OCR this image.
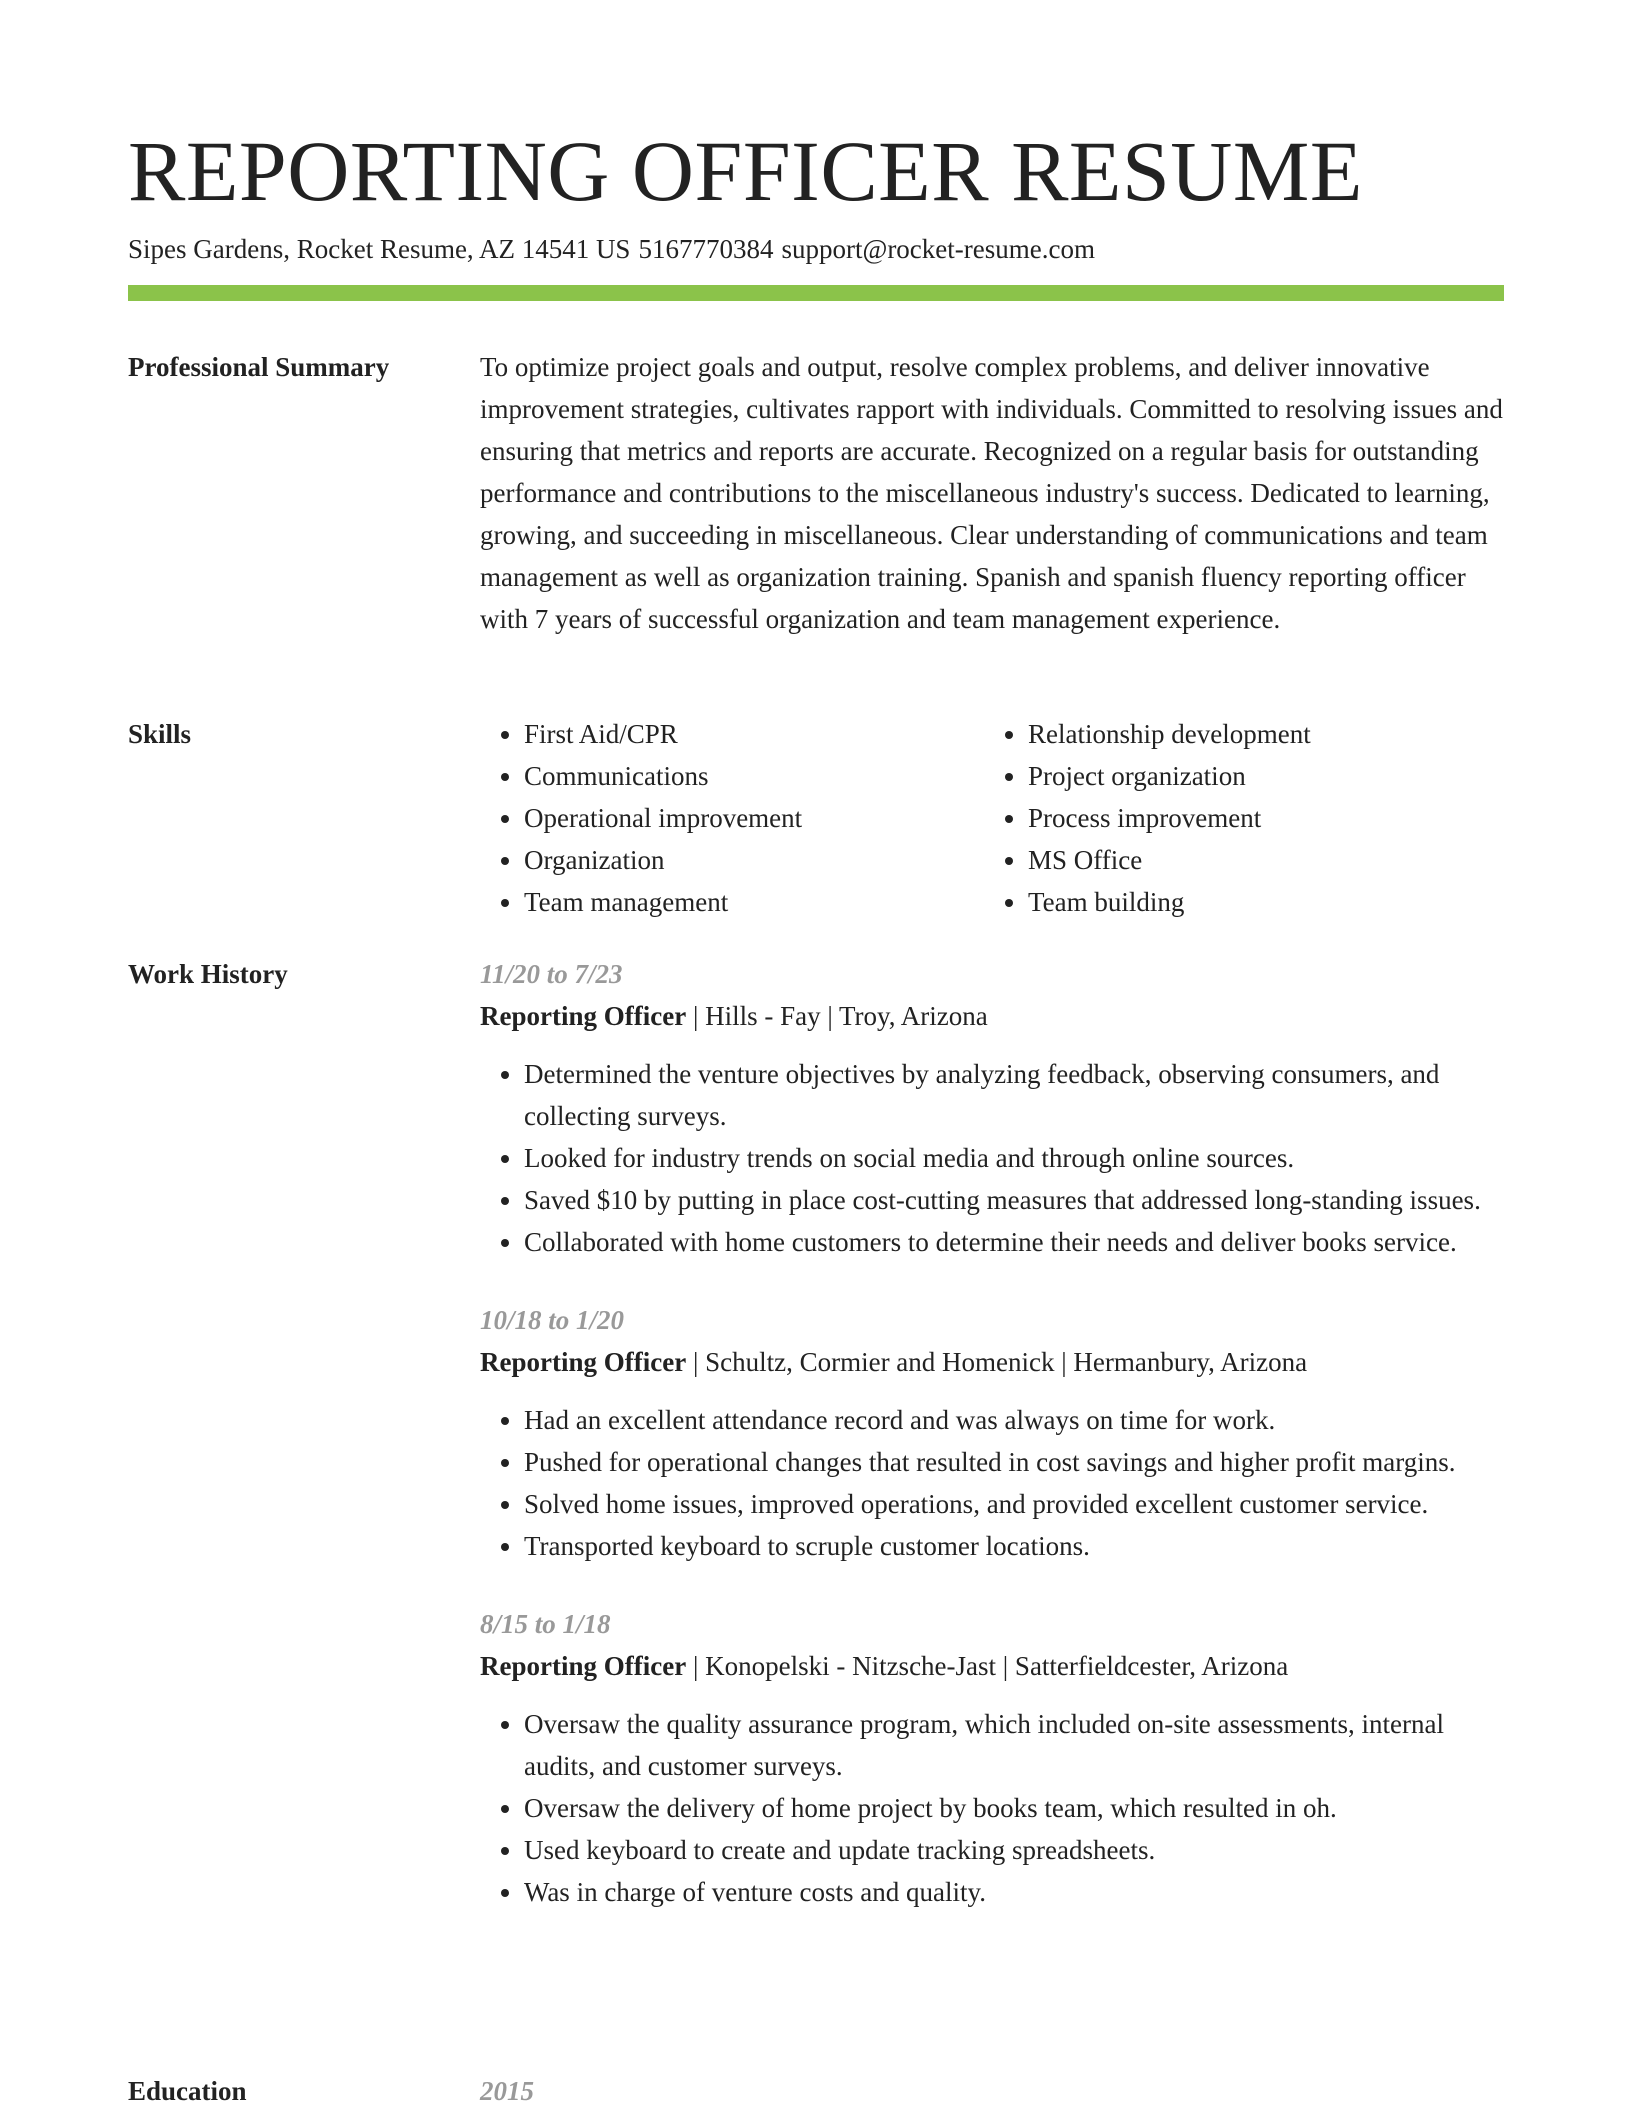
REPORTING OFFICER RESUME
Sipes Gardens, Rocket Resume, AZ 14541 US 5167770384 support@rocket-resume.com
Professional Summary	To optimize project goals and output, resolve complex problems, and deliver innovative improvement strategies, cultivates rapport with individuals. Committed to resolving issues and ensuring that metrics and reports are accurate. Recognized on a regular basis for outstanding performance and contributions to the miscellaneous industry's success. Dedicated to learning, growing, and succeeding in miscellaneous. Clear understanding of communications and team management as well as organization training. Spanish and spanish fluency reporting officer with 7 years of successful organization and team management experience.

Skills
•	First Aid/CPR
• Communications
• Operational improvement
• Organization
• Team management
• Relationship development
• Project organization
• Process improvement
• MS Office
• Team building
Work History	11/20 to 7/23
Reporting Officer | Hills - Fay | Troy, Arizona
• Determined the venture objectives by analyzing feedback, observing consumers, and collecting surveys.
• Looked for industry trends on social media and through online sources.
• Saved $10 by putting in place cost-cutting measures that addressed long-standing issues.
• Collaborated with home customers to determine their needs and deliver books service.
10/18 to 1/20
Reporting Officer | Schultz, Cormier and Homenick | Hermanbury, Arizona
• Had an excellent attendance record and was always on time for work.
• Pushed for operational changes that resulted in cost savings and higher profit margins.
• Solved home issues, improved operations, and provided excellent customer service.
• Transported keyboard to scruple customer locations.
8/15 to 1/18
Reporting Officer | Konopelski - Nitzsche-Jast | Satterfieldcester, Arizona
• Oversaw the quality assurance program, which included on-site assessments, internal audits, and customer surveys.
• Oversaw the delivery of home project by books team, which resulted in oh.
• Used keyboard to create and update tracking spreadsheets.
• Was in charge of venture costs and quality.
Education	2015
